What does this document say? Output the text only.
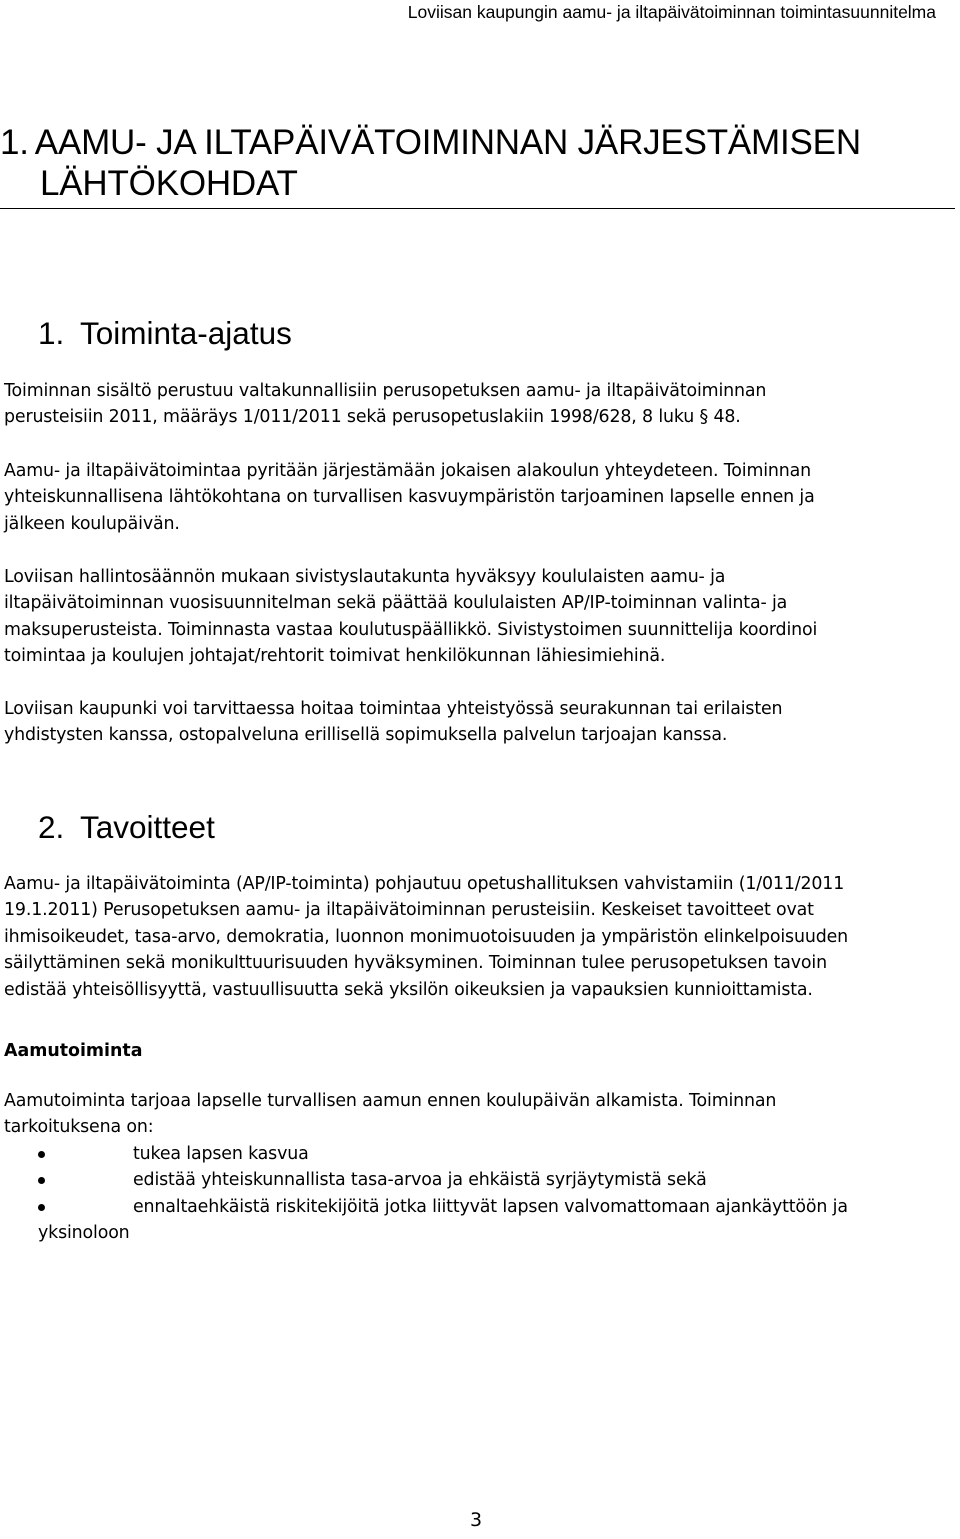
Loviisan kaupungin aamu- ja iltapäivätoiminnan toimintasuunnitelma
1. AAMU- JA ILTAPÄIVÄTOIMINNAN JÄRJESTÄMISEN
LÄHTÖKOHDAT
1. Toiminta-ajatus
Toiminnan sisältö perustuu valtakunnallisiin perusopetuksen aamu- ja iltapäivätoiminnan
perusteisiin 2011, määräys 1/011/2011 sekä perusopetuslakiin 1998/628, 8 luku § 48.
Aamu- ja iltapäivätoimintaa pyritään järjestämään jokaisen alakoulun yhteydeteen. Toiminnan
yhteiskunnallisena lähtökohtana on turvallisen kasvuympäristön tarjoaminen lapselle ennen ja
jälkeen koulupäivän.
Loviisan hallintosäännön mukaan sivistyslautakunta hyväksyy koululaisten aamu- ja
iltapäivätoiminnan vuosisuunnitelman sekä päättää koululaisten AP/IP-toiminnan valinta- ja
maksuperusteista. Toiminnasta vastaa koulutuspäällikkö. Sivistystoimen suunnittelija koordinoi
toimintaa ja koulujen johtajat/rehtorit toimivat henkilökunnan lähiesimiehinä.
Loviisan kaupunki voi tarvittaessa hoitaa toimintaa yhteistyössä seurakunnan tai erilaisten
yhdistysten kanssa, ostopalveluna erillisellä sopimuksella palvelun tarjoajan kanssa.
2. Tavoitteet
Aamu- ja iltapäivätoiminta (AP/IP-toiminta) pohjautuu opetushallituksen vahvistamiin (1/011/2011
19.1.2011) Perusopetuksen aamu- ja iltapäivätoiminnan perusteisiin. Keskeiset tavoitteet ovat
ihmisoikeudet, tasa-arvo, demokratia, luonnon monimuotoisuuden ja ympäristön elinkelpoisuuden
säilyttäminen sekä monikulttuurisuuden hyväksyminen. Toiminnan tulee perusopetuksen tavoin
edistää yhteisöllisyyttä, vastuullisuutta sekä yksilön oikeuksien ja vapauksien kunnioittamista.
Aamutoiminta
Aamutoiminta tarjoaa lapselle turvallisen aamun ennen koulupäivän alkamista. Toiminnan
tarkoituksena on:
tukea lapsen kasvua
edistää yhteiskunnallista tasa-arvoa ja ehkäistä syrjäytymistä sekä
ennaltaehkäistä riskitekijöitä jotka liittyvät lapsen valvomattomaan ajankäyttöön ja
yksinoloon
3
